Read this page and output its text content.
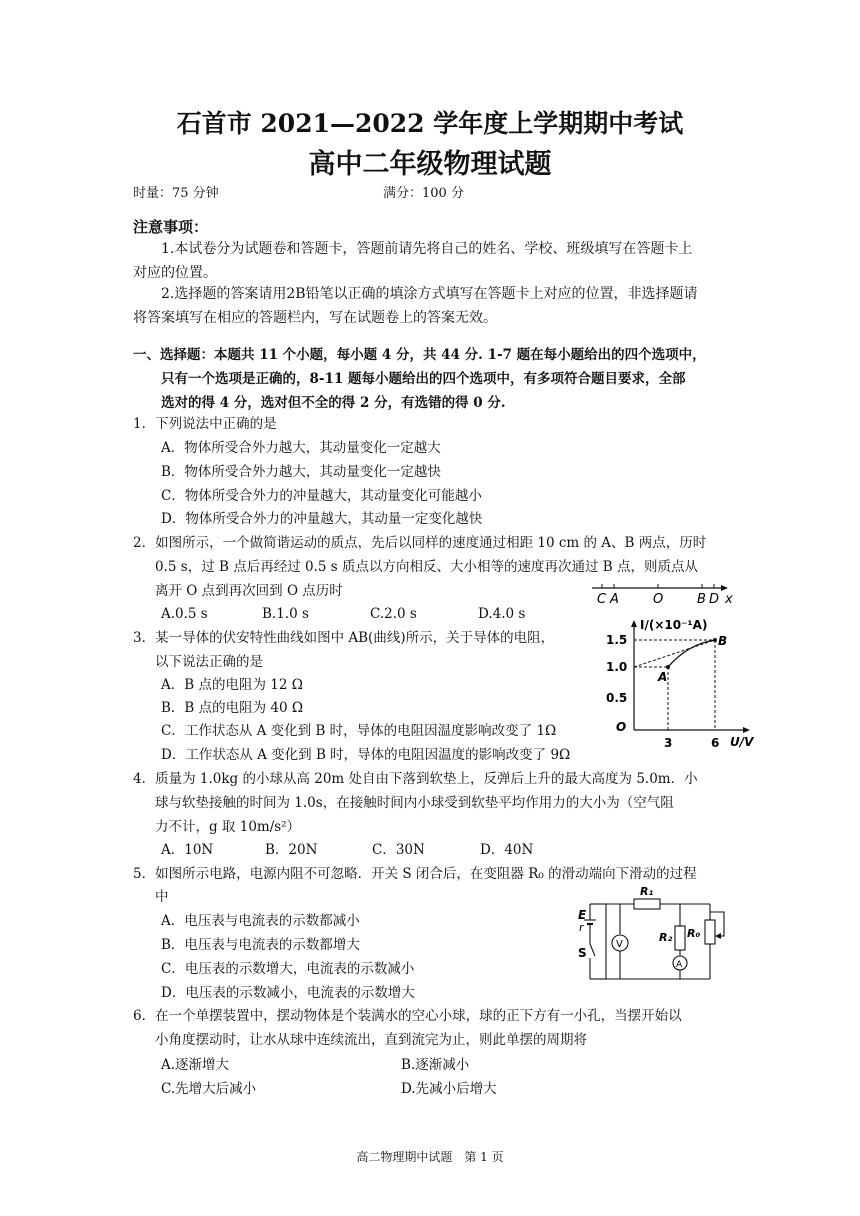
石首市 2021—2022 学年度上学期期中考试
高中二年级物理试题
时量：75 分钟	满分：100 分
注意事项：
1.本试卷分为试题卷和答题卡，答题前请先将自己的姓名、学校、班级填写在答题卡上
对应的位置。
2.选择题的答案请用2B铅笔以正确的填涂方式填写在答题卡上对应的位置，非选择题请
将答案填写在相应的答题栏内，写在试题卷上的答案无效。
一、选择题：本题共 11 个小题，每小题 4 分，共 44 分. 1-7 题在每小题给出的四个选项中，
只有一个选项是正确的，8-11 题每小题给出的四个选项中，有多项符合题目要求，全部
选对的得 4 分，选对但不全的得 2 分，有选错的得 0 分.
1．下列说法中正确的是
A．物体所受合外力越大，其动量变化一定越大
B．物体所受合外力越大，其动量变化一定越快
C．物体所受合外力的冲量越大，其动量变化可能越小
D．物体所受合外力的冲量越大，其动量一定变化越快
2．如图所示，一个做简谐运动的质点，先后以同样的速度通过相距 10 cm 的 A、B 两点，历时
0.5 s，过 B 点后再经过 0.5 s 质点以方向相反、大小相等的速度再次通过 B 点，则质点从
离开 O 点到再次回到 O 点历时
A.0.5 s	B.1.0 s	C.2.0 s	D.4.0 s
C A	O	B D x
3．某一导体的伏安特性曲线如图中 AB(曲线)所示，关于导体的电阻，
以下说法正确的是
A．B 点的电阻为 12 Ω
B．B 点的电阻为 40 Ω
C．工作状态从 A 变化到 B 时，导体的电阻因温度影响改变了 1Ω
D．工作状态从 A 变化到 B 时，导体的电阻因温度的影响改变了 9Ω
I/(×10⁻¹A)
U/V
1.5
1.0
0.5
O
3	6
A
B
4．质量为 1.0kg 的小球从高 20m 处自由下落到软垫上，反弹后上升的最大高度为 5.0m．小
球与软垫接触的时间为 1.0s，在接触时间内小球受到软垫平均作用力的大小为（空气阻
力不计，g 取 10m/s²）
A．10N	B．20N	C．30N	D．40N
5．如图所示电路，电源内阻不可忽略．开关 S 闭合后，在变阻器 R₀ 的滑动端向下滑动的过程
中
A．电压表与电流表的示数都减小
B．电压表与电流表的示数都增大
C．电压表的示数增大，电流表的示数减小
D．电压表的示数减小，电流表的示数增大
E
r
S
V
A
R₁
R₂ R₀
6．在一个单摆装置中，摆动物体是个装满水的空心小球，球的正下方有一小孔，当摆开始以
小角度摆动时，让水从球中连续流出，直到流完为止，则此单摆的周期将
A.逐渐增大	B.逐渐减小
C.先增大后减小	D.先减小后增大
高二物理期中试题　第 1 页
